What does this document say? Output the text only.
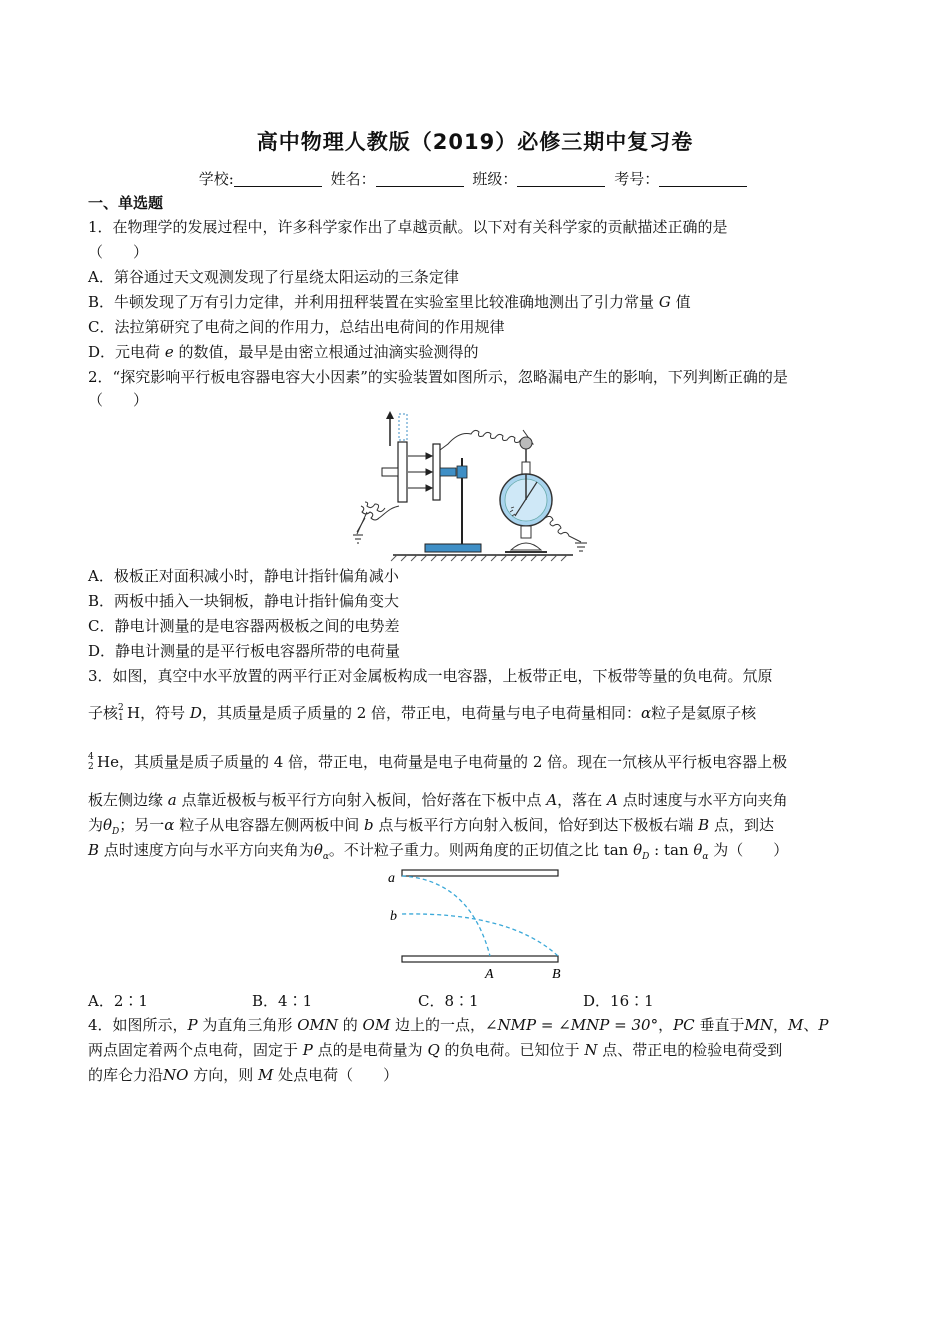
高中物理人教版（2019）必修三期中复习卷
学校:	姓名：	班级：	考号：
一、单选题
1．在物理学的发展过程中，许多科学家作出了卓越贡献。以下对有关科学家的贡献描述正确的是
（　　）
A．第谷通过天文观测发现了行星绕太阳运动的三条定律
B．牛顿发现了万有引力定律，并利用扭秤装置在实验室里比较准确地测出了引力常量 G 值
C．法拉第研究了电荷之间的作用力，总结出电荷间的作用规律
D．元电荷 e 的数值，最早是由密立根通过油滴实验测得的
2．“探究影响平行板电容器电容大小因素”的实验装置如图所示，忽略漏电产生的影响，下列判断正确的是
（　　）
A．极板正对面积减小时，静电计指针偏角减小
B．两板中插入一块铜板，静电计指针偏角变大
C．静电计测量的是电容器两极板之间的电势差
D．静电计测量的是平行板电容器所带的电荷量
3．如图，真空中水平放置的两平行正对金属板构成一电容器，上板带正电，下板带等量的负电荷。氘原
子核 2
1 H，符号 D，其质量是质子质量的 2 倍，带正电，电荷量与电子电荷量相同：α粒子是氦原子核
4
2 He，其质量是质子质量的 4 倍，带正电，电荷量是电子电荷量的 2 倍。现在一氘核从平行板电容器上极
板左侧边缘 a 点靠近极板与板平行方向射入板间，恰好落在下板中点 A，落在 A 点时速度与水平方向夹角
为$\theta_D$；另一α 粒子从电容器左侧两板中间 b 点与板平行方向射入板间，恰好到达下极板右端 B 点，到达
B 点时速度方向与水平方向夹角为$\theta_\alpha$。不计粒子重力。则两角度的正切值之比 $\tan \theta_D$ : $\tan \theta_\alpha$ 为（　　）
a
b
A	B
A．2∶1	B．4∶1	C．8∶1	D．16∶1
4．如图所示，P 为直角三角形 OMN 的 OM 边上的一点，∠NMP = ∠MNP = 30°，PC 垂直于MN，M、P
两点固定着两个点电荷，固定于 P 点的是电荷量为 Q 的负电荷。已知位于 N 点、带正电的检验电荷受到
的库仑力沿NO 方向，则 M 处点电荷（　　）
